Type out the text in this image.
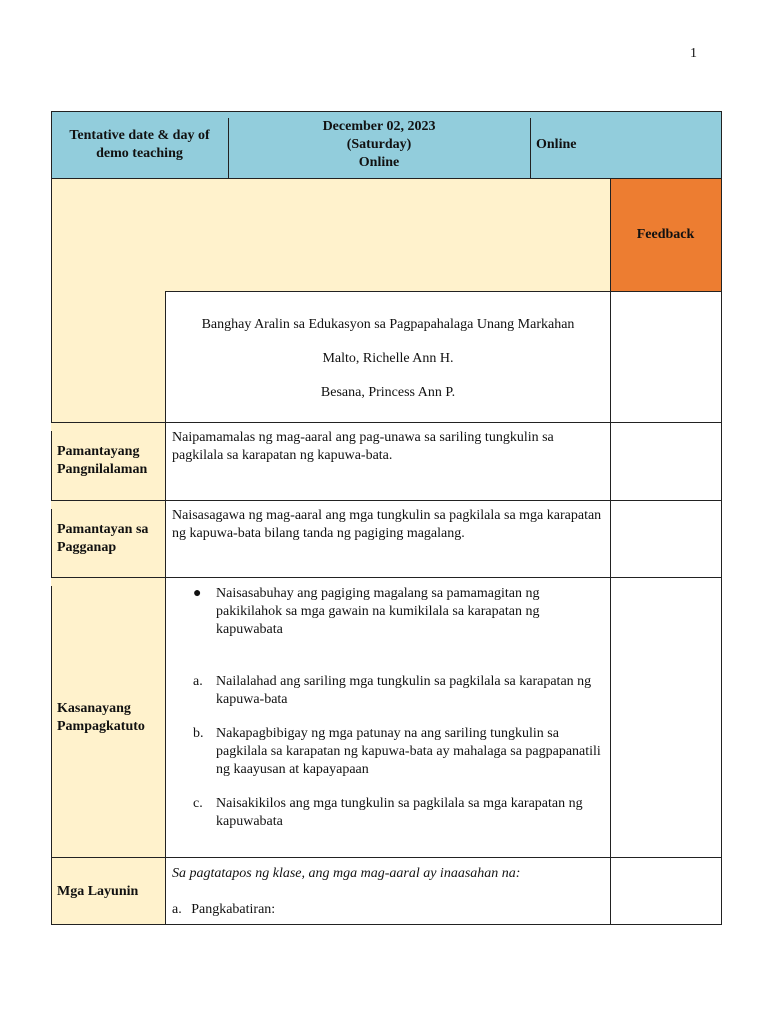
1
Tentative date & day of demo teaching
December 02, 2023
(Saturday)
Online
Online
Feedback
Banghay Aralin sa Edukasyon sa Pagpapahalaga Unang Markahan
Malto, Richelle Ann H.
Besana, Princess Ann P.
Pamantayang Pangnilalaman
Naipamamalas ng mag-aaral ang pag-unawa sa sariling tungkulin sa pagkilala sa karapatan ng kapuwa-bata.
Pamantayan sa Pagganap
Naisasagawa ng mag-aaral ang mga tungkulin sa pagkilala sa mga karapatan ng kapuwa-bata bilang tanda ng pagiging magalang.
Kasanayang Pampagkatuto
● Naisasabuhay ang pagiging magalang sa pamamagitan ng pakikilahok sa mga gawain na kumikilala sa karapatan ng kapuwabata
a. Nailalahad ang sariling mga tungkulin sa pagkilala sa karapatan ng kapuwa-bata
b. Nakapagbibigay ng mga patunay na ang sariling tungkulin sa pagkilala sa karapatan ng kapuwa-bata ay mahalaga sa pagpapanatili ng kaayusan at kapayapaan
c. Naisakikilos ang mga tungkulin sa pagkilala sa mga karapatan ng kapuwabata
Mga Layunin
Sa pagtatapos ng klase, ang mga mag-aaral ay inaasahan na:
a. Pangkabatiran:
